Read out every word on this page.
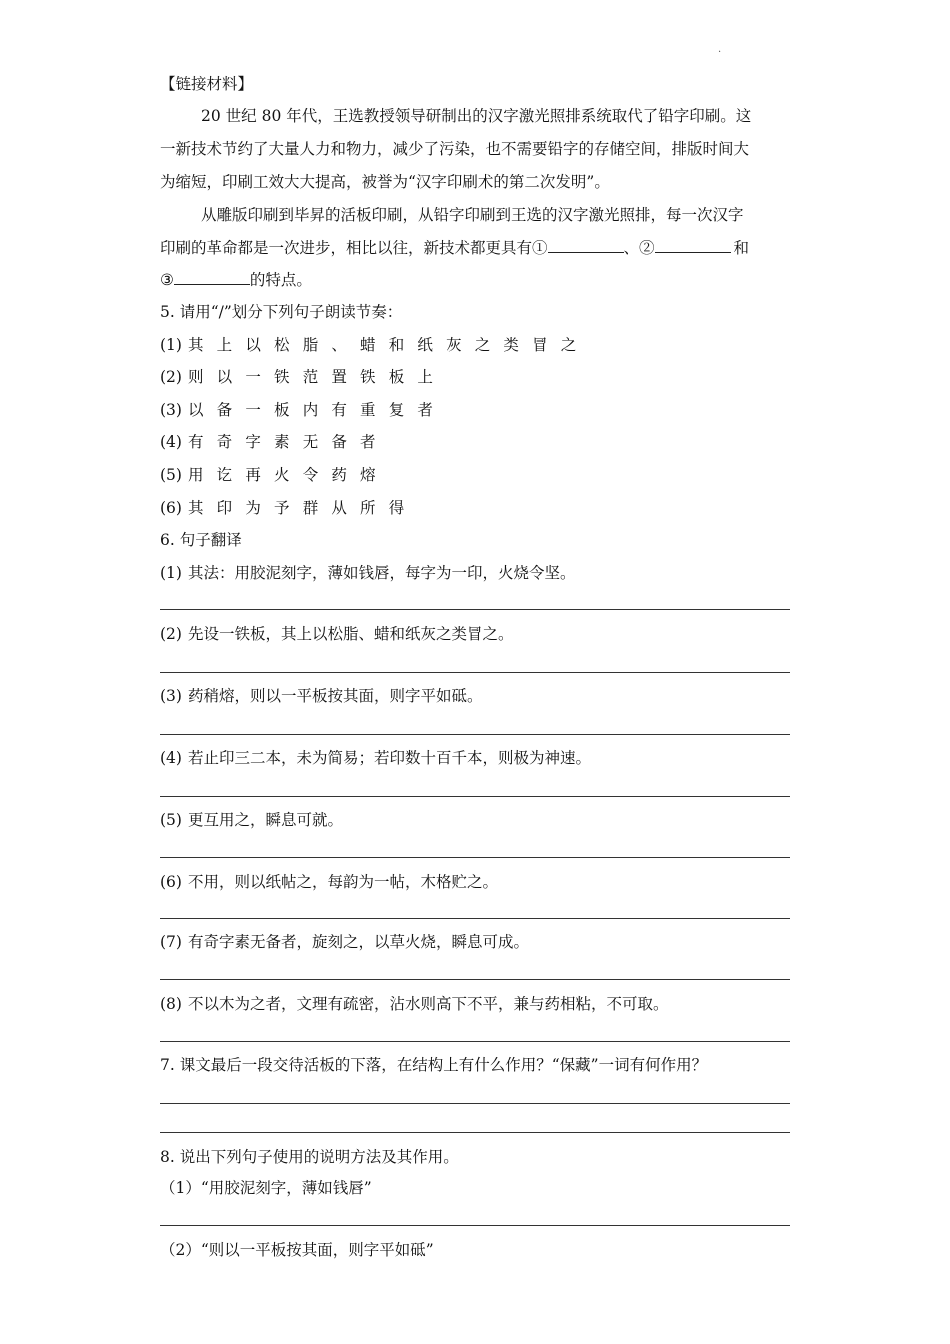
.
【链接材料】
20 世纪 80 年代，王选教授领导研制出的汉字激光照排系统取代了铅字印刷。这
一新技术节约了大量人力和物力，减少了污染，也不需要铅字的存储空间，排版时间大
为缩短，印刷工效大大提高，被誉为“汉字印刷术的第二次发明”。
从雕版印刷到毕昇的活板印刷，从铅字印刷到王选的汉字激光照排，每一次汉字
印刷的革命都是一次进步，相比以往，新技术都更具有①	、②	和
③	的特点。
5. 请用“/”划分下列句子朗读节奏：
(1) 其上以松脂、蜡和纸灰之类冒之
(2) 则以一铁范置铁板上
(3) 以备一板内有重复者
(4) 有奇字素无备者
(5) 用讫再火令药熔
(6) 其印为予群从所得
6. 句子翻译
(1) 其法：用胶泥刻字，薄如钱唇，每字为一印，火烧令坚。
(2) 先设一铁板，其上以松脂、蜡和纸灰之类冒之。
(3) 药稍熔，则以一平板按其面，则字平如砥。
(4) 若止印三二本，未为简易；若印数十百千本，则极为神速。
(5) 更互用之，瞬息可就。
(6) 不用，则以纸帖之，每韵为一帖，木格贮之。
(7) 有奇字素无备者，旋刻之，以草火烧，瞬息可成。
(8) 不以木为之者，文理有疏密，沾水则高下不平，兼与药相粘，不可取。
7. 课文最后一段交待活板的下落，在结构上有什么作用？“保藏”一词有何作用？
8. 说出下列句子使用的说明方法及其作用。
（1）“用胶泥刻字，薄如钱唇”
（2）“则以一平板按其面，则字平如砥”
